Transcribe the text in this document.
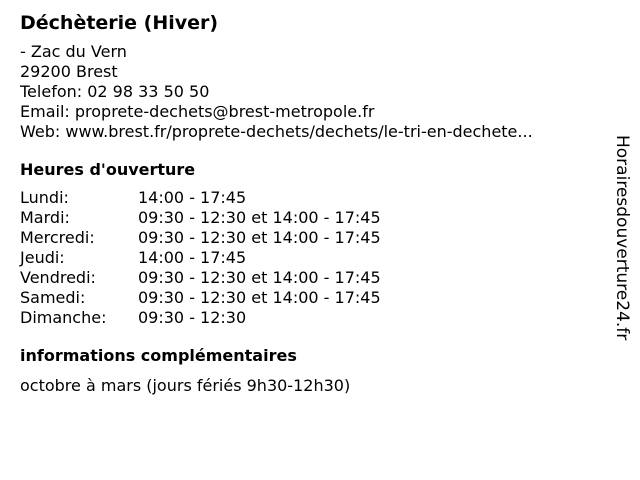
Déchèterie (Hiver)
- Zac du Vern
29200 Brest
Telefon: 02 98 33 50 50
Email: proprete-dechets@brest-metropole.fr
Web: www.brest.fr/proprete-dechets/dechets/le-tri-en-dechete...
Heures d'ouverture
Lundi:	14:00 - 17:45
Mardi:	09:30 - 12:30 et 14:00 - 17:45
Mercredi:	09:30 - 12:30 et 14:00 - 17:45
Jeudi:	14:00 - 17:45
Vendredi:	09:30 - 12:30 et 14:00 - 17:45
Samedi:	09:30 - 12:30 et 14:00 - 17:45
Dimanche:	09:30 - 12:30
informations complémentaires
octobre à mars (jours fériés 9h30-12h30)
Horairesdouverture24.fr
